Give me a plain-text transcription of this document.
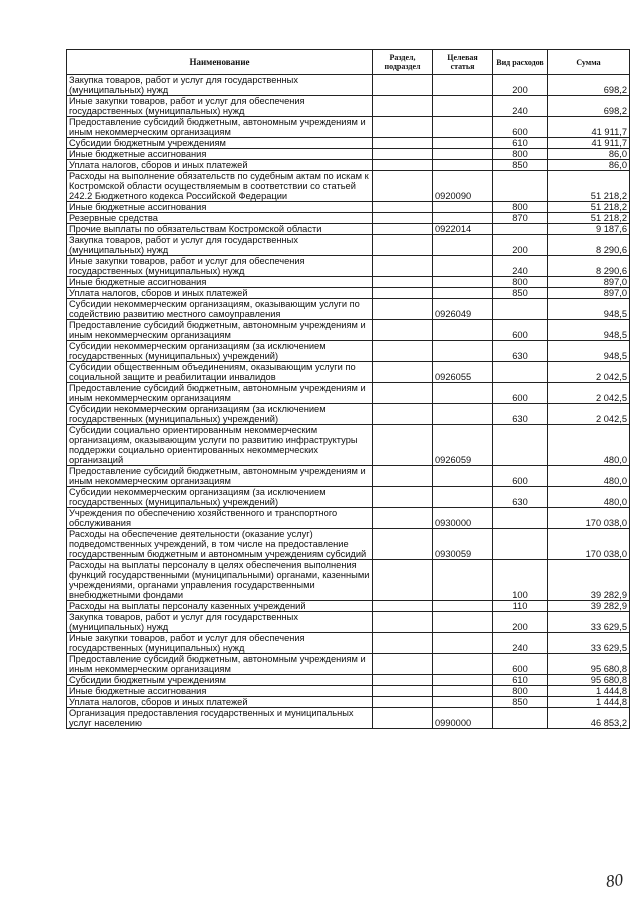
Наименование	Раздел, подраздел	Целевая статья	Вид расходов	Сумма
Закупка товаров, работ и услуг для государственных (муниципальных) нужд			200	698,2
Иные закупки товаров, работ и услуг для обеспечения государственных (муниципальных) нужд			240	698,2
Предоставление субсидий бюджетным, автономным учреждениям и иным некоммерческим организациям			600	41 911,7
Субсидии бюджетным учреждениям			610	41 911,7
Иные бюджетные ассигнования			800	86,0
Уплата налогов, сборов и иных платежей			850	86,0
Расходы на выполнение обязательств по судебным актам по искам к Костромской области осуществляемым в соответствии со статьей 242.2 Бюджетного кодекса Российской Федерации		0920090		51 218,2
Иные бюджетные ассигнования			800	51 218,2
Резервные средства			870	51 218,2
Прочие выплаты по обязательствам Костромской области		0922014		9 187,6
Закупка товаров, работ и услуг для государственных (муниципальных) нужд			200	8 290,6
Иные закупки товаров, работ и услуг для обеспечения государственных (муниципальных) нужд			240	8 290,6
Иные бюджетные ассигнования			800	897,0
Уплата налогов, сборов и иных платежей			850	897,0
Субсидии некоммерческим организациям, оказывающим услуги по содействию развитию местного самоуправления		0926049		948,5
Предоставление субсидий бюджетным, автономным учреждениям и иным некоммерческим организациям			600	948,5
Субсидии некоммерческим организациям (за исключением государственных (муниципальных) учреждений)			630	948,5
Субсидии общественным объединениям, оказывающим услуги по социальной защите и реабилитации инвалидов		0926055		2 042,5
Предоставление субсидий бюджетным, автономным учреждениям и иным некоммерческим организациям			600	2 042,5
Субсидии некоммерческим организациям (за исключением государственных (муниципальных) учреждений)			630	2 042,5
Субсидии социально ориентированным некоммерческим организациям, оказывающим услуги по развитию инфраструктуры поддержки социально ориентированных некоммерческих организаций		0926059		480,0
Предоставление субсидий бюджетным, автономным учреждениям и иным некоммерческим организациям			600	480,0
Субсидии некоммерческим организациям (за исключением государственных (муниципальных) учреждений)			630	480,0
Учреждения по обеспечению хозяйственного и транспортного обслуживания		0930000		170 038,0
Расходы на обеспечение деятельности (оказание услуг) подведомственных учреждений, в том числе на предоставление государственным бюджетным и автономным учреждениям субсидий		0930059		170 038,0
Расходы на выплаты персоналу в целях обеспечения выполнения функций государственными (муниципальными) органами, казенными учреждениями, органами управления государственными внебюджетными фондами			100	39 282,9
Расходы на выплаты персоналу казенных учреждений			110	39 282,9
Закупка товаров, работ и услуг для государственных (муниципальных) нужд			200	33 629,5
Иные закупки товаров, работ и услуг для обеспечения государственных (муниципальных) нужд			240	33 629,5
Предоставление субсидий бюджетным, автономным учреждениям и иным некоммерческим организациям			600	95 680,8
Субсидии бюджетным учреждениям			610	95 680,8
Иные бюджетные ассигнования			800	1 444,8
Уплата налогов, сборов и иных платежей			850	1 444,8
Организация предоставления государственных и муниципальных услуг населению		0990000		46 853,2
80
